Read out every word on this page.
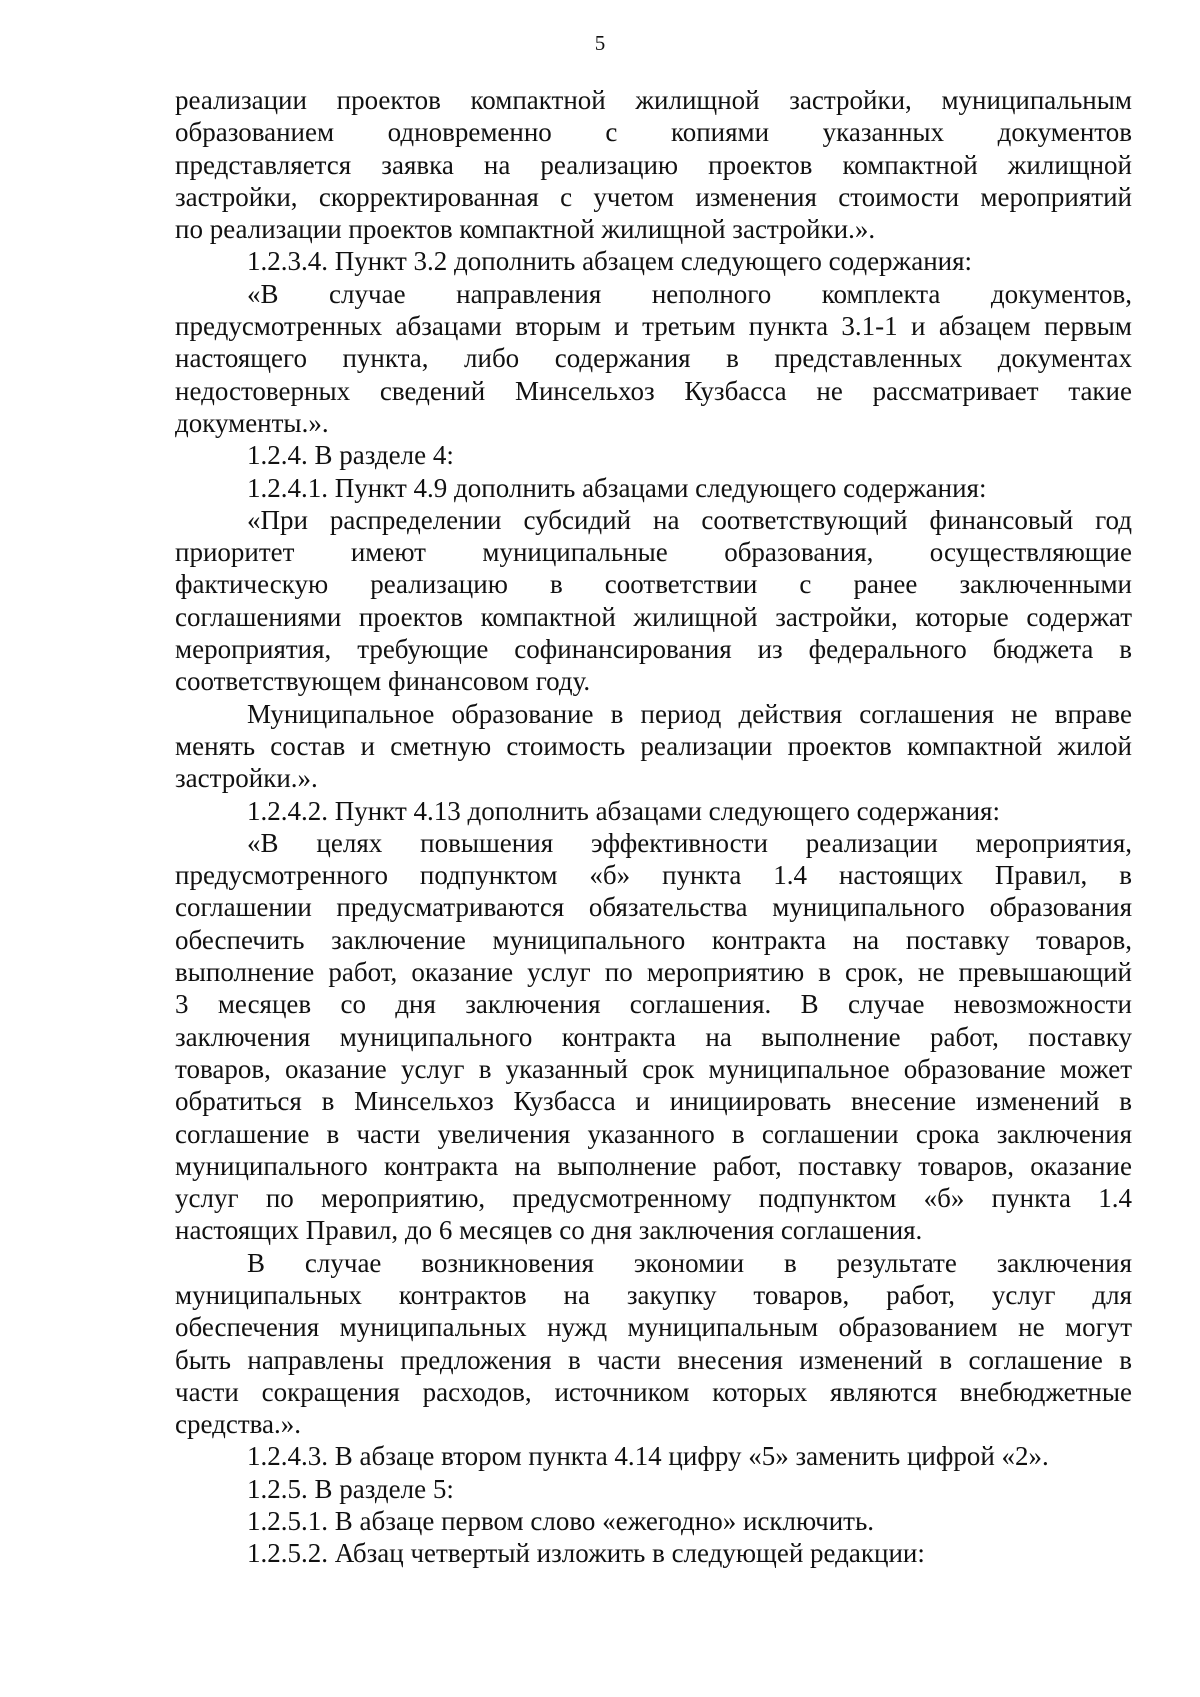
5
реализации проектов компактной жилищной застройки, муниципальным
образованием одновременно с копиями указанных документов
представляется заявка на реализацию проектов компактной жилищной
застройки, скорректированная с учетом изменения стоимости мероприятий
по реализации проектов компактной жилищной застройки.».
1.2.3.4. Пункт 3.2 дополнить абзацем следующего содержания:
«В случае направления неполного комплекта документов,
предусмотренных абзацами вторым и третьим пункта 3.1-1 и абзацем первым
настоящего пункта, либо содержания в представленных документах
недостоверных сведений Минсельхоз Кузбасса не рассматривает такие
документы.».
1.2.4. В разделе 4:
1.2.4.1. Пункт 4.9 дополнить абзацами следующего содержания:
«При распределении субсидий на соответствующий финансовый год
приоритет имеют муниципальные образования, осуществляющие
фактическую реализацию в соответствии с ранее заключенными
соглашениями проектов компактной жилищной застройки, которые содержат
мероприятия, требующие софинансирования из федерального бюджета в
соответствующем финансовом году.
Муниципальное образование в период действия соглашения не вправе
менять состав и сметную стоимость реализации проектов компактной жилой
застройки.».
1.2.4.2. Пункт 4.13 дополнить абзацами следующего содержания:
«В целях повышения эффективности реализации мероприятия,
предусмотренного подпунктом «б» пункта 1.4 настоящих Правил, в
соглашении предусматриваются обязательства муниципального образования
обеспечить заключение муниципального контракта на поставку товаров,
выполнение работ, оказание услуг по мероприятию в срок, не превышающий
3 месяцев со дня заключения соглашения. В случае невозможности
заключения муниципального контракта на выполнение работ, поставку
товаров, оказание услуг в указанный срок муниципальное образование может
обратиться в Минсельхоз Кузбасса и инициировать внесение изменений в
соглашение в части увеличения указанного в соглашении срока заключения
муниципального контракта на выполнение работ, поставку товаров, оказание
услуг по мероприятию, предусмотренному подпунктом «б» пункта 1.4
настоящих Правил, до 6 месяцев со дня заключения соглашения.
В случае возникновения экономии в результате заключения
муниципальных контрактов на закупку товаров, работ, услуг для
обеспечения муниципальных нужд муниципальным образованием не могут
быть направлены предложения в части внесения изменений в соглашение в
части сокращения расходов, источником которых являются внебюджетные
средства.».
1.2.4.3. В абзаце втором пункта 4.14 цифру «5» заменить цифрой «2».
1.2.5. В разделе 5:
1.2.5.1. В абзаце первом слово «ежегодно» исключить.
1.2.5.2. Абзац четвертый изложить в следующей редакции:
